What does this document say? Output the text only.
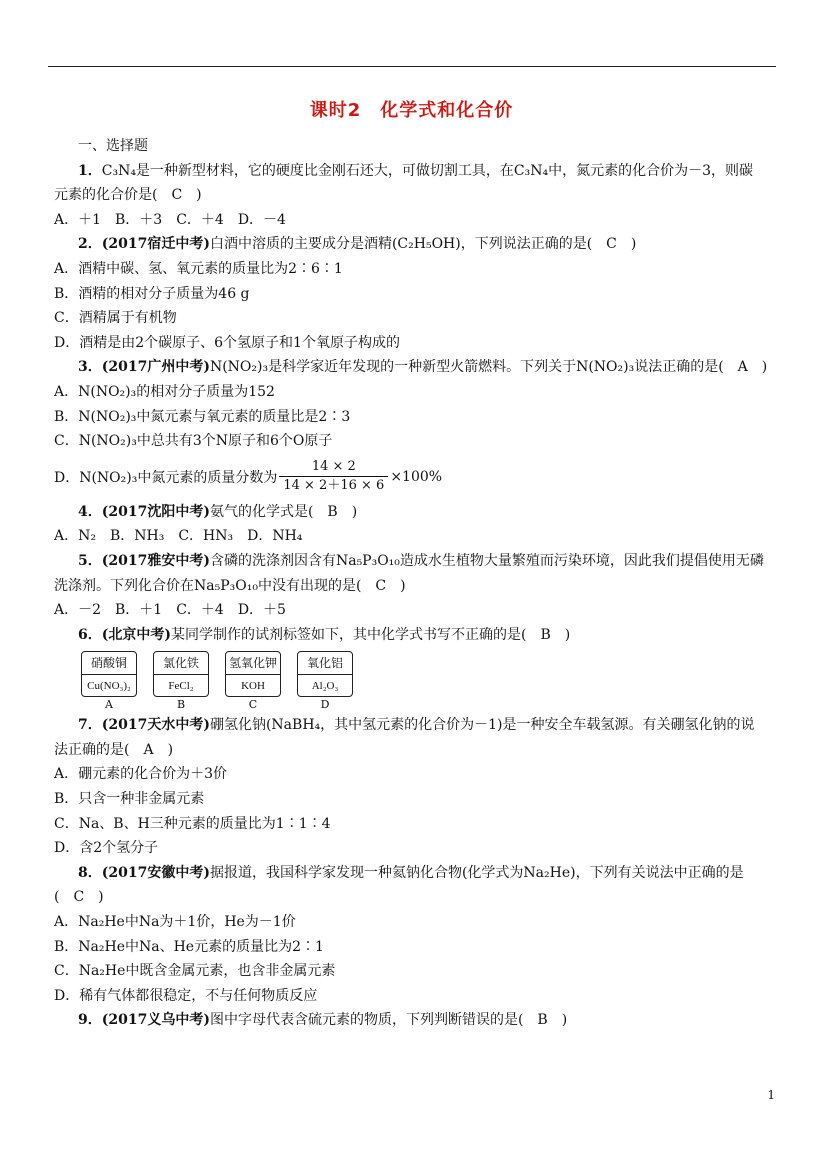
课时2　化学式和化合价
一、选择题
1．C₃N₄是一种新型材料，它的硬度比金刚石还大，可做切割工具，在C₃N₄中，氮元素的化合价为－3，则碳
元素的化合价是(　C　)
A．＋1　B．＋3　C．＋4　D．－4
2．(2017宿迁中考)白酒中溶质的主要成分是酒精(C₂H₅OH)，下列说法正确的是(　C　)
A．酒精中碳、氢、氧元素的质量比为2∶6∶1
B．酒精的相对分子质量为46 g
C．酒精属于有机物
D．酒精是由2个碳原子、6个氢原子和1个氧原子构成的
3．(2017广州中考)N(NO₂)₃是科学家近年发现的一种新型火箭燃料。下列关于N(NO₂)₃说法正确的是(　A　)
A．N(NO₂)₃的相对分子质量为152
B．N(NO₂)₃中氮元素与氧元素的质量比是2∶3
C．N(NO₂)₃中总共有3个N原子和6个O原子
D．N(NO₂)₃中氮元素的质量分数为 $\frac{14 \times 2}{14 \times 2+16 \times 6} \times 100\%$
4．(2017沈阳中考)氨气的化学式是(　B　)
A．N₂　B．NH₃　C．HN₃　D．NH₄
5．(2017雅安中考)含磷的洗涤剂因含有Na₅P₃O₁₀造成水生植物大量繁殖而污染环境，因此我们提倡使用无磷
洗涤剂。下列化合价在Na₅P₃O₁₀中没有出现的是(　C　)
A．－2　B．＋1　C．＋4　D．＋5
6．(北京中考)某同学制作的试剂标签如下，其中化学式书写不正确的是(　B　)
硝酸铜
Cu(NO₃)₂
A
氯化铁
FeCl₂
B
氢氧化钾
KOH
C
氧化铝
Al₂O₃
D
7．(2017天水中考)硼氢化钠(NaBH₄，其中氢元素的化合价为－1)是一种安全车载氢源。有关硼氢化钠的说
法正确的是(　A　)
A．硼元素的化合价为＋3价
B．只含一种非金属元素
C．Na、B、H三种元素的质量比为1∶1∶4
D．含2个氢分子
8．(2017安徽中考)据报道，我国科学家发现一种氦钠化合物(化学式为Na₂He)，下列有关说法中正确的是
(　C　)
A．Na₂He中Na为＋1价，He为－1价
B．Na₂He中Na、He元素的质量比为2∶1
C．Na₂He中既含金属元素，也含非金属元素
D．稀有气体都很稳定，不与任何物质反应
9．(2017义乌中考)图中字母代表含硫元素的物质，下列判断错误的是(　B　)
1
